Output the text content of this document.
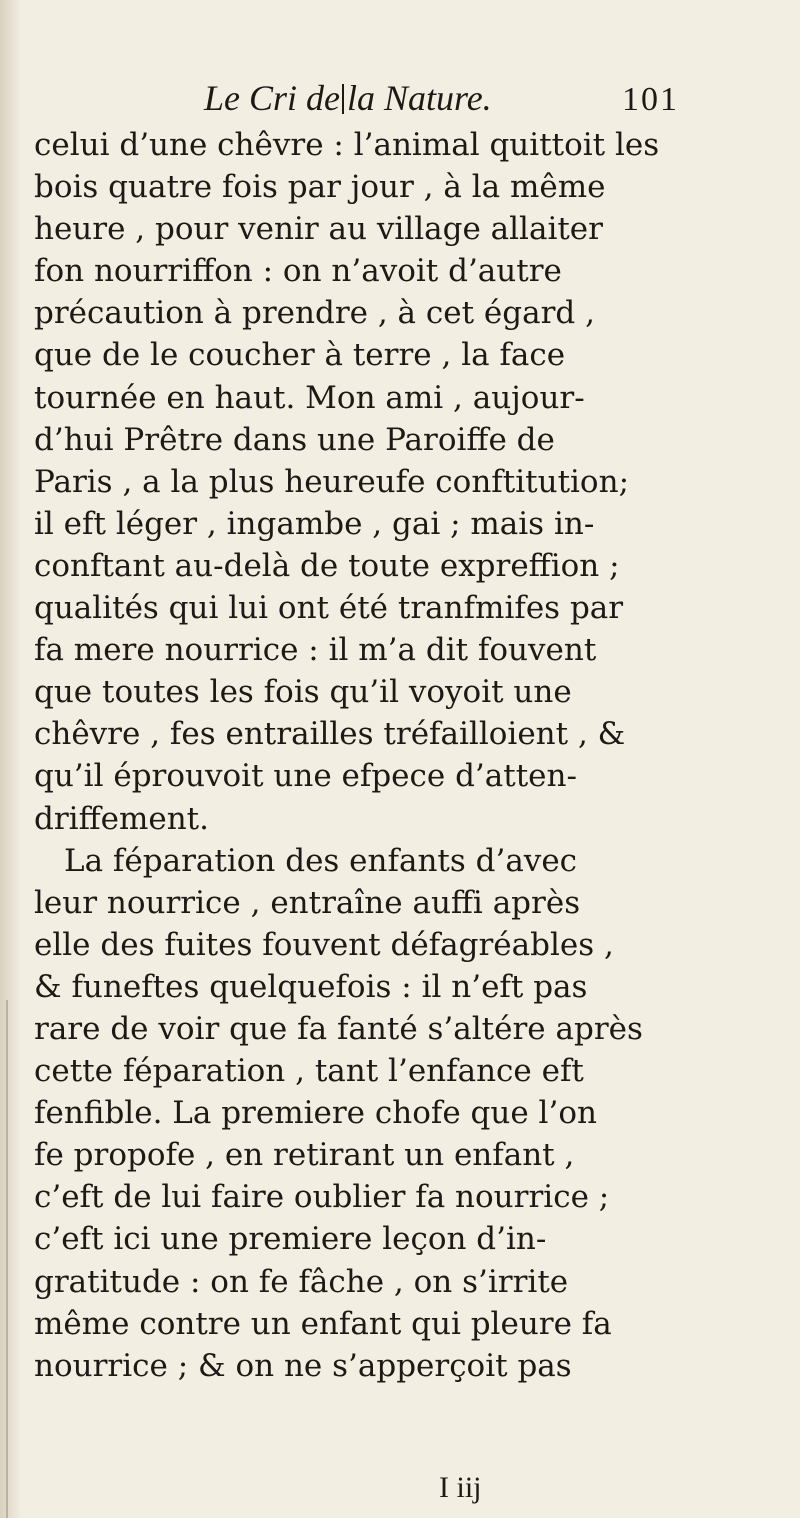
Le Cri de la Nature.	101
celui d’une chêvre : l’animal quittoit les
bois quatre fois par jour , à la même
heure , pour venir au village allaiter
fon nourriffon : on n’avoit d’autre
précaution à prendre , à cet égard ,
que de le coucher à terre , la face
tournée en haut. Mon ami , aujour-
d’hui Prêtre dans une Paroiffe de
Paris , a la plus heureufe conftitution;
il eft léger , ingambe , gai ; mais in-
conftant au-delà de toute expreffion ;
qualités qui lui ont été tranfmifes par
fa mere nourrice : il m’a dit fouvent
que toutes les fois qu’il voyoit une
chêvre , fes entrailles tréfailloient , &
qu’il éprouvoit une efpece d’atten-
driffement.
La féparation des enfants d’avec
leur nourrice , entraîne auffi après
elle des fuites fouvent défagréables ,
& funeftes quelquefois : il n’eft pas
rare de voir que fa fanté s’altére après
cette féparation , tant l’enfance eft
fenfible. La premiere chofe que l’on
fe propofe , en retirant un enfant ,
c’eft de lui faire oublier fa nourrice ;
c’eft ici une premiere leçon d’in-
gratitude : on fe fâche , on s’irrite
même contre un enfant qui pleure fa
nourrice ; & on ne s’apperçoit pas
I iij
